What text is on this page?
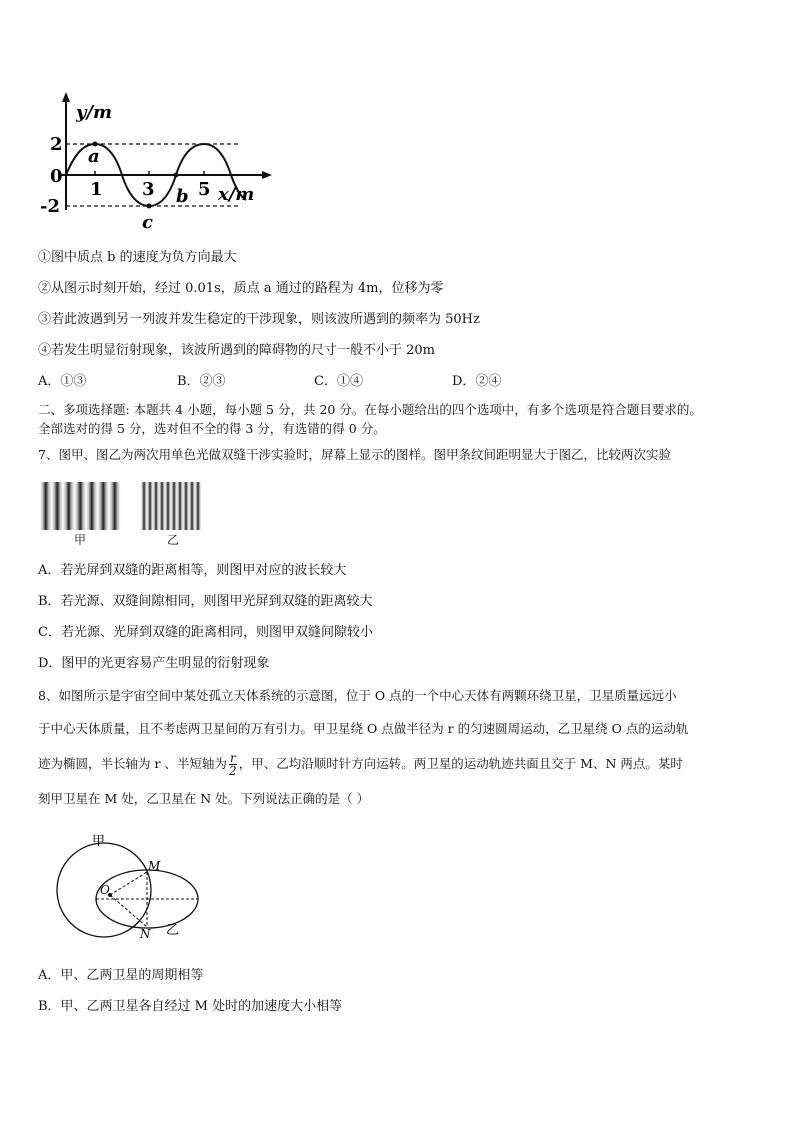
y/m
x/m
2
0
-2
1 3 5
a
b
c
①图中质点 b 的速度为负方向最大
②从图示时刻开始，经过 0.01s，质点 a 通过的路程为 4m，位移为零
③若此波遇到另一列波并发生稳定的干涉现象，则该波所遇到的频率为 50Hz
④若发生明显衍射现象，该波所遇到的障碍物的尺寸一般不小于 20m
A．①③	B．②③	C．①④	D．②④
二、多项选择题: 本题共 4 小题，每小题 5 分，共 20 分。在每小题给出的四个选项中，有多个选项是符合题目要求的。
全部选对的得 5 分，选对但不全的得 3 分，有选错的得 0 分。
7、图甲、图乙为两次用单色光做双缝干涉实验时，屏幕上显示的图样。图甲条纹间距明显大于图乙，比较两次实验
甲	乙
A．若光屏到双缝的距离相等，则图甲对应的波长较大
B．若光源、双缝间隙相同，则图甲光屏到双缝的距离较大
C．若光源、光屏到双缝的距离相同，则图甲双缝间隙较小
D．图甲的光更容易产生明显的衍射现象
8、如图所示是宇宙空间中某处孤立天体系统的示意图，位于 O 点的一个中心天体有两颗环绕卫星，卫星质量远远小
于中心天体质量，且不考虑两卫星间的万有引力。甲卫星绕 O 点做半径为 r 的匀速圆周运动，乙卫星绕 O 点的运动轨
迹为椭圆，半长轴为 r 、半短轴为 $\frac{r}{2}$ ，甲、乙均沿顺时针方向运转。两卫星的运动轨迹共面且交于 M、N 两点。某时
刻甲卫星在 M 处，乙卫星在 N 处。下列说法正确的是（ ）
甲
乙
M
N
O
A．甲、乙两卫星的周期相等
B．甲、乙两卫星各自经过 M 处时的加速度大小相等
